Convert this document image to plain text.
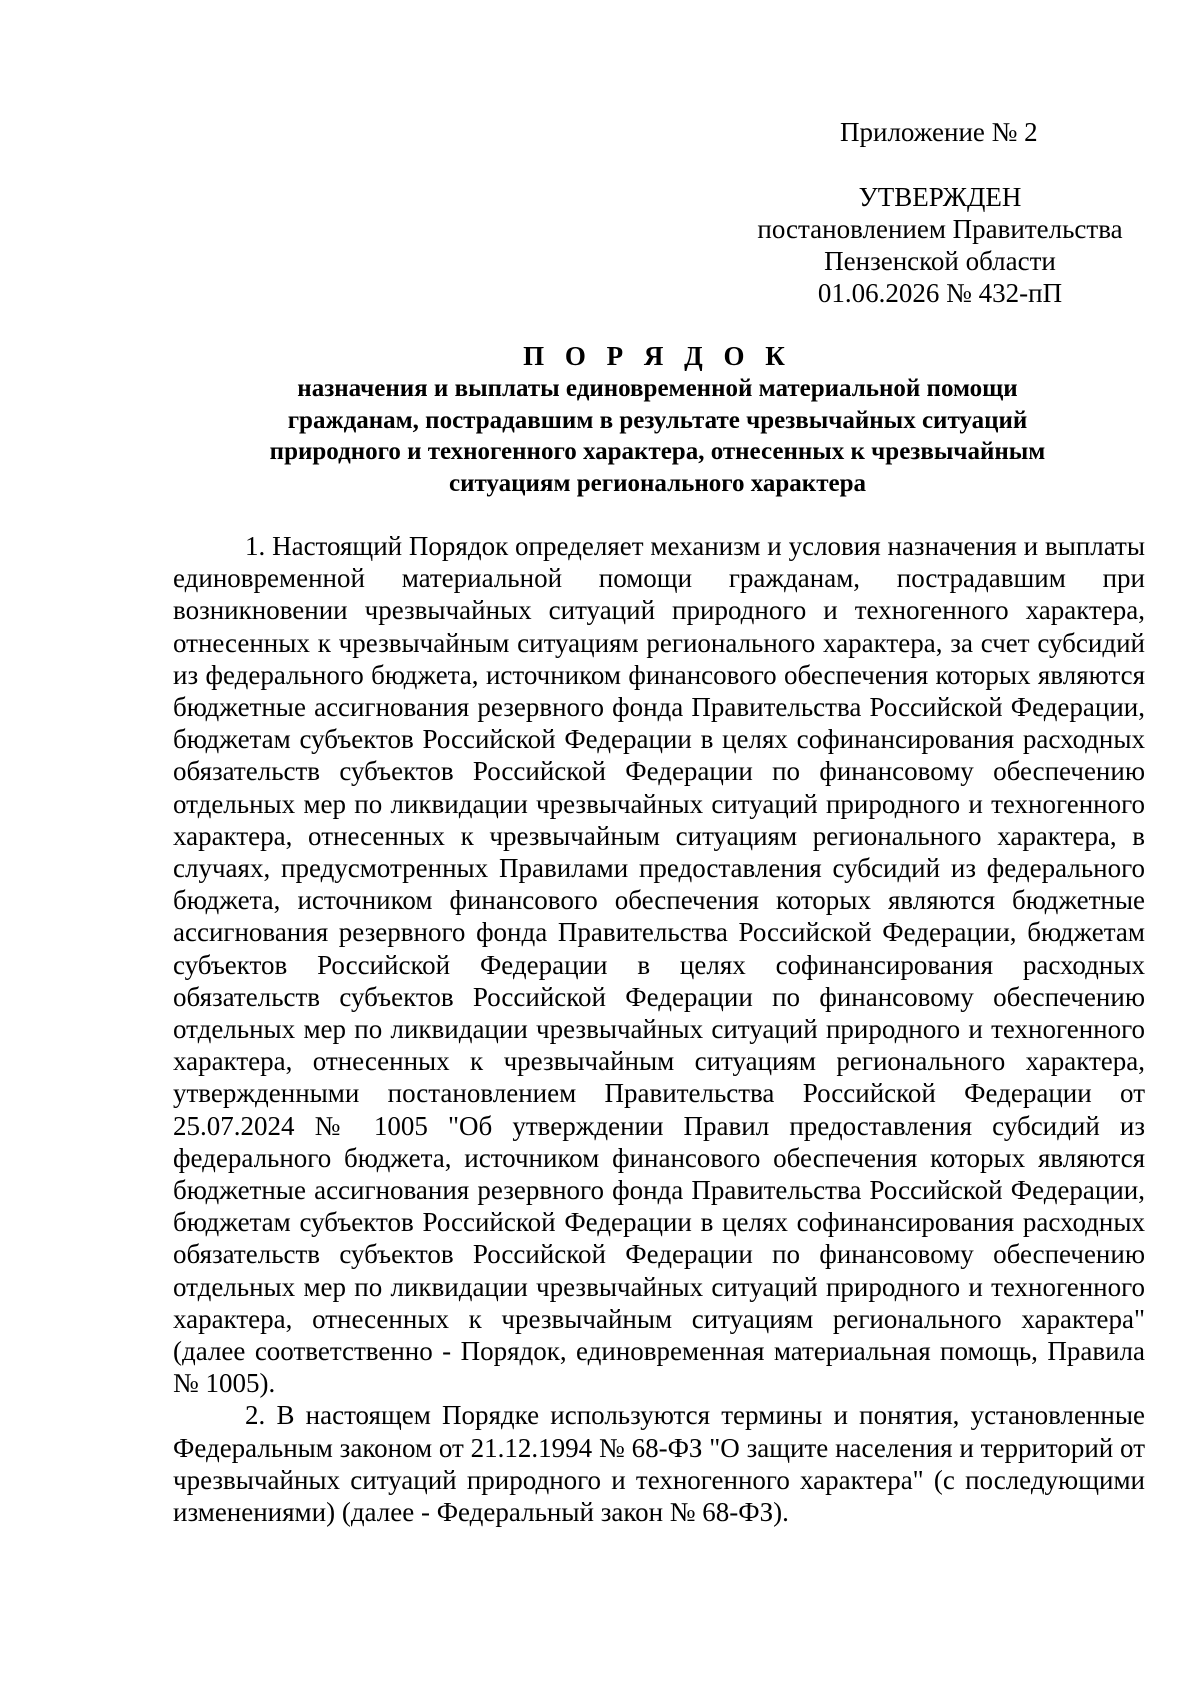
Приложение № 2
УТВЕРЖДЕН
постановлением Правительства
Пензенской области
01.06.2026 № 432-пП
П О Р Я Д О К
назначения и выплаты единовременной материальной помощи
гражданам, пострадавшим в результате чрезвычайных ситуаций
природного и техногенного характера, отнесенных к чрезвычайным
ситуациям регионального характера

1. Настоящий Порядок определяет механизм и условия назначения и выплаты единовременной материальной помощи гражданам, пострадавшим при возникновении чрезвычайных ситуаций природного и техногенного характера, отнесенных к чрезвычайным ситуациям регионального характера, за счет субсидий из федерального бюджета, источником финансового обеспечения которых являются бюджетные ассигнования резервного фонда Правительства Российской Федерации, бюджетам субъектов Российской Федерации в целях софинансирования расходных обязательств субъектов Российской Федерации по финансовому обеспечению отдельных мер по ликвидации чрезвычайных ситуаций природного и техногенного характера, отнесенных к чрезвычайным ситуациям регионального характера, в случаях, предусмотренных Правилами предоставления субсидий из федерального бюджета, источником финансового обеспечения которых являются бюджетные ассигнования резервного фонда Правительства Российской Федерации, бюджетам субъектов Российской Федерации в целях софинансирования расходных обязательств субъектов Российской Федерации по финансовому обеспечению отдельных мер по ликвидации чрезвычайных ситуаций природного и техногенного характера, отнесенных к чрезвычайным ситуациям регионального характера, утвержденными постановлением Правительства Российской Федерации от 25.07.2024 № 1005 "Об утверждении Правил предоставления субсидий из федерального бюджета, источником финансового обеспечения которых являются бюджетные ассигнования резервного фонда Правительства Российской Федерации, бюджетам субъектов Российской Федерации в целях софинансирования расходных обязательств субъектов Российской Федерации по финансовому обеспечению отдельных мер по ликвидации чрезвычайных ситуаций природного и техногенного характера, отнесенных к чрезвычайным ситуациям регионального характера" (далее соответственно - Порядок, единовременная материальная помощь, Правила № 1005).

2. В настоящем Порядке используются термины и понятия, установленные Федеральным законом от 21.12.1994 № 68-ФЗ "О защите населения и территорий от чрезвычайных ситуаций природного и техногенного характера" (с последующими изменениями) (далее - Федеральный закон № 68-ФЗ).
